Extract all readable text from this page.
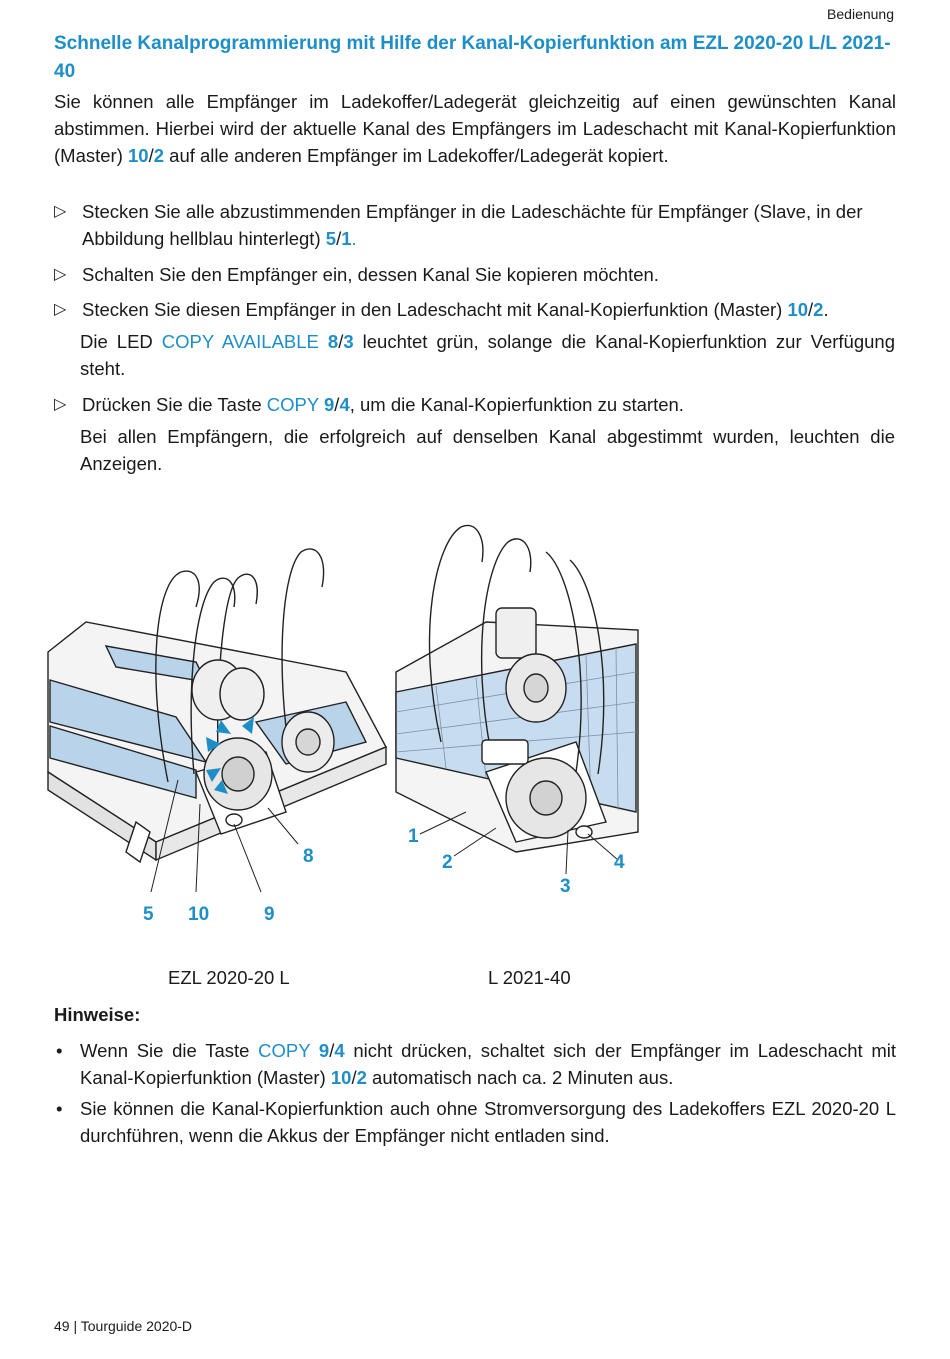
Bedienung
Schnelle Kanalprogrammierung mit Hilfe der Kanal-Kopierfunktion am EZL 2020-20 L/L 2021-40

Sie können alle Empfänger im Ladekoffer/Ladegerät gleichzeitig auf einen gewünschten Kanal abstimmen. Hierbei wird der aktuelle Kanal des Empfängers im Ladeschacht mit Kanal-Kopierfunktion (Master) 10/2 auf alle anderen Empfänger im Ladekoffer/Ladegerät kopiert.

▷ Stecken Sie alle abzustimmenden Empfänger in die Ladeschächte für Empfänger (Slave, in der Abbildung hellblau hinterlegt) 5/1.
▷ Schalten Sie den Empfänger ein, dessen Kanal Sie kopieren möchten.
▷ Stecken Sie diesen Empfänger in den Ladeschacht mit Kanal-Kopierfunktion (Master) 10/2.
Die LED COPY AVAILABLE 8/3 leuchtet grün, solange die Kanal-Kopierfunktion zur Verfügung steht.
▷ Drücken Sie die Taste COPY 9/4, um die Kanal-Kopierfunktion zu starten.
Bei allen Empfängern, die erfolgreich auf denselben Kanal abgestimmt wurden, leuchten die Anzeigen.
5 10	9
8
1
2
3
4
EZL 2020-20 L	L 2021-40
Hinweise:
• Wenn Sie die Taste COPY 9/4 nicht drücken, schaltet sich der Empfänger im Ladeschacht mit Kanal-Kopierfunktion (Master) 10/2 automatisch nach ca. 2 Minuten aus.
• Sie können die Kanal-Kopierfunktion auch ohne Stromversorgung des Ladekoffers EZL 2020-20 L durchführen, wenn die Akkus der Empfänger nicht entladen sind.
49 | Tourguide 2020-D
